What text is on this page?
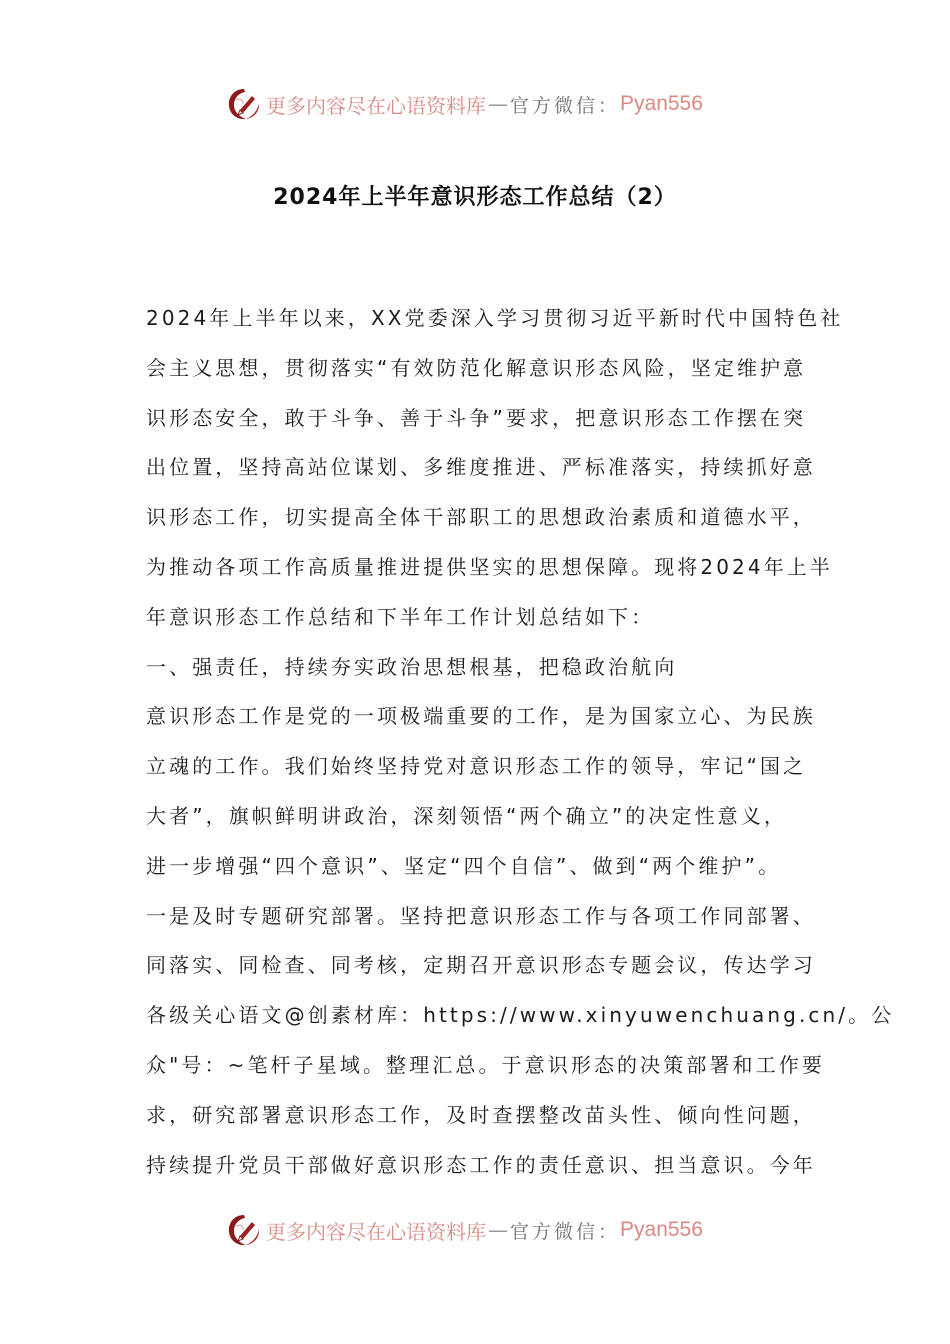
更多内容尽在心语资料库 — 官方微信： Pyan556
2024年上半年意识形态工作总结（2）
2024年上半年以来，XX党委深入学习贯彻习近平新时代中国特色社
会主义思想，贯彻落实“有效防范化解意识形态风险，坚定维护意
识形态安全，敢于斗争、善于斗争”要求，把意识形态工作摆在突
出位置，坚持高站位谋划、多维度推进、严标准落实，持续抓好意
识形态工作，切实提高全体干部职工的思想政治素质和道德水平，
为推动各项工作高质量推进提供坚实的思想保障。现将2024年上半
年意识形态工作总结和下半年工作计划总结如下：
一、强责任，持续夯实政治思想根基，把稳政治航向
意识形态工作是党的一项极端重要的工作，是为国家立心、为民族
立魂的工作。我们始终坚持党对意识形态工作的领导，牢记“国之
大者”，旗帜鲜明讲政治，深刻领悟“两个确立”的决定性意义，
进一步增强“四个意识”、坚定“四个自信”、做到“两个维护”。
一是及时专题研究部署。坚持把意识形态工作与各项工作同部署、
同落实、同检查、同考核，定期召开意识形态专题会议，传达学习
各级关心语文@创素材库：https://www.xinyuwenchuang.cn/。公
众"号：~笔杆子星域。整理汇总。于意识形态的决策部署和工作要
求，研究部署意识形态工作，及时查摆整改苗头性、倾向性问题，
持续提升党员干部做好意识形态工作的责任意识、担当意识。今年
更多内容尽在心语资料库 — 官方微信： Pyan556
